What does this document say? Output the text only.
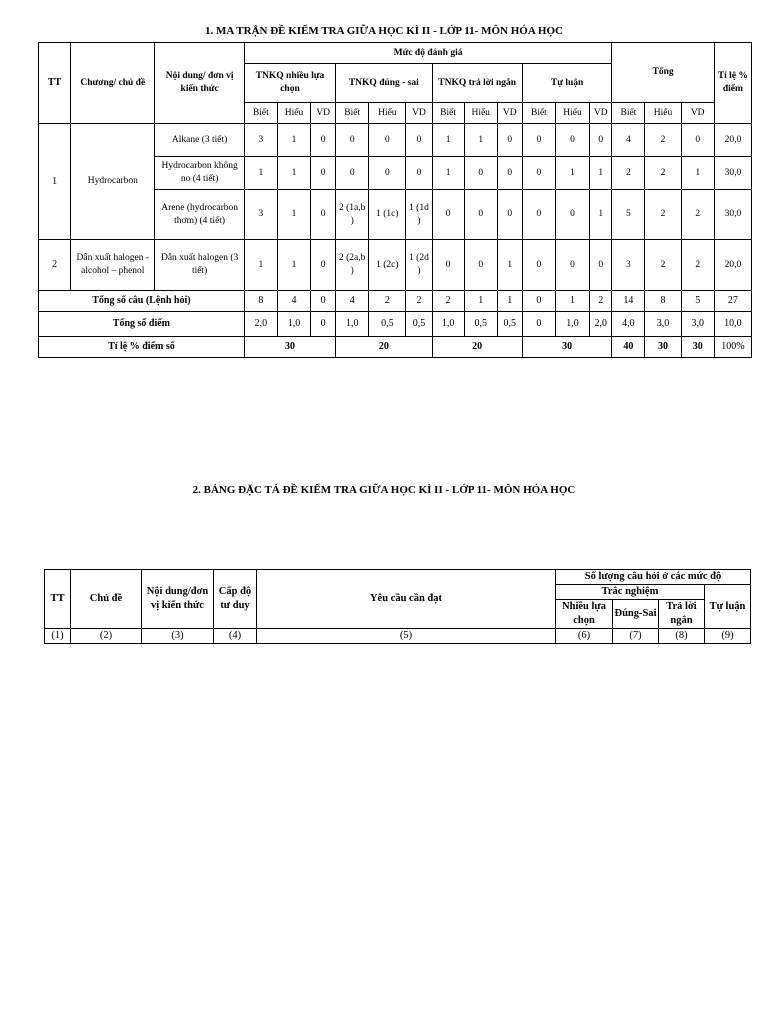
1. MA TRẬN ĐỀ KIỂM TRA GIỮA HỌC KÌ II - LỚP 11- MÔN HÓA HỌC
TT	Chương/ chủ đề	Nội dung/ đơn vị kiến thức	Mức độ đánh giá												Tổng			Tỉ lệ % điểm
			TNKQ nhiều lựa chọn			TNKQ đúng - sai			TNKQ trả lời ngắn			Tự luận						
			Biết	Hiểu	VD	Biết	Hiểu	VD	Biết	Hiểu	VD	Biết	Hiểu	VD	Biết	Hiểu	VD	
1	Hydrocarbon	Alkane (3 tiết)	3	1	0	0	0	0	1	1	0	0	0	0	4	2	0	20,0
		Hydrocarbon không no (4 tiết)	1	1	0	0	0	0	1	0	0	0	1	1	2	2	1	30,0
		Arene (hydrocarbon thơm) (4 tiết)	3	1	0	2 (1a,b )	1 (1c)	1 (1d )	0	0	0	0	0	1	5	2	2	30,0
2	Dẫn xuất halogen - alcohol – phenol	Dẫn xuất halogen (3 tiết)	1	1	0	2 (2a,b )	1 (2c)	1 (2d )	0	0	1	0	0	0	3	2	2	20,0
Tổng số câu (Lệnh hỏi)			8	4	0	4	2	2	2	1	1	0	1	2	14	8	5	27
Tổng số điểm			2,0	1,0	0	1,0	0,5	0,5	1,0	0,5	0,5	0	1,0	2,0	4,0	3,0	3,0	10,0
Tỉ lệ % điểm số			30			20			20			30			40	30	30	100%
2. BẢNG ĐẶC TẢ ĐỀ KIỂM TRA GIỮA HỌC KÌ II - LỚP 11- MÔN HÓA HỌC
TT	Chủ đề	Nội dung/đơn vị kiến thức	Cấp độ tư duy	Yêu cầu cần đạt	Số lượng câu hỏi ở các mức độ			
					Trắc nghiệm			Tự luận
					Nhiều lựa chọn	Đúng-Sai	Trả lời ngắn	
(1)	(2)	(3)	(4)	(5)	(6)	(7)	(8)	(9)
